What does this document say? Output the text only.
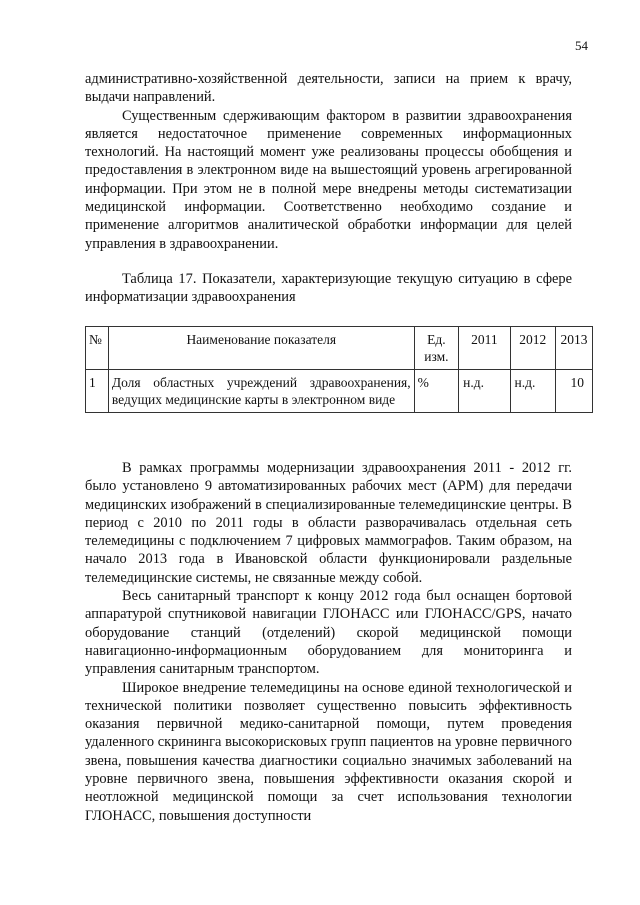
54

административно-хозяйственной деятельности, записи на прием к врачу, выдачи направлений.

Существенным сдерживающим фактором в развитии здравоохранения является недостаточное применение современных информационных технологий. На настоящий момент уже реализованы процессы обобщения и предоставления в электронном виде на вышестоящий уровень агрегированной информации. При этом не в полной мере внедрены методы систематизации медицинской информации. Соответственно необходимо создание и применение алгоритмов аналитической обработки информации для целей управления в здравоохранении.

Таблица 17. Показатели, характеризующие текущую ситуацию в сфере информатизации здравоохранения

№	Наименование показателя	Ед. изм.	2011	2012	2013
1	Доля областных учреждений здравоохранения, ведущих медицинские карты в электронном виде	%	н.д.	н.д.	10

В рамках программы модернизации здравоохранения 2011 - 2012 гг. было установлено 9 автоматизированных рабочих мест (АРМ) для передачи медицинских изображений в специализированные телемедицинские центры. В период с 2010 по 2011 годы в области разворачивалась отдельная сеть телемедицины с подключением 7 цифровых маммографов. Таким образом, на начало 2013 года в Ивановской области функционировали раздельные телемедицинские системы, не связанные между собой.

Весь санитарный транспорт к концу 2012 года был оснащен бортовой аппаратурой спутниковой навигации ГЛОНАСС или ГЛОНАСС/GPS, начато оборудование станций (отделений) скорой медицинской помощи навигационно-информационным оборудованием для мониторинга и управления санитарным транспортом.

Широкое внедрение телемедицины на основе единой технологической и технической политики позволяет существенно повысить эффективность оказания первичной медико-санитарной помощи, путем проведения удаленного скрининга высокорисковых групп пациентов на уровне первичного звена, повышения качества диагностики социально значимых заболеваний на уровне первичного звена, повышения эффективности оказания скорой и неотложной медицинской помощи за счет использования технологии ГЛОНАСС, повышения доступности
